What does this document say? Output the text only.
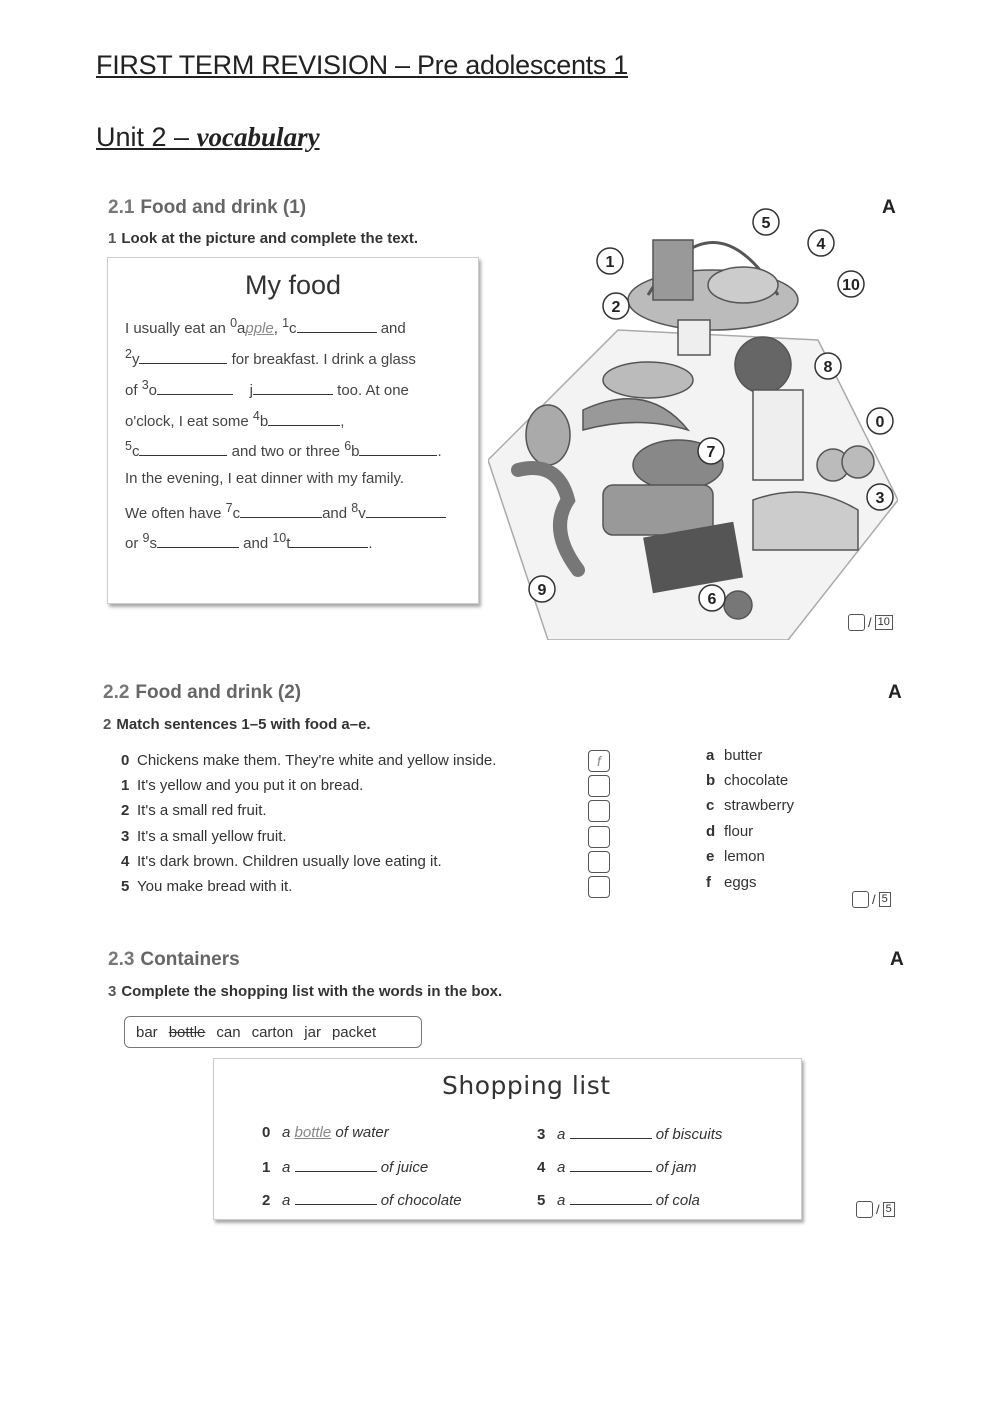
FIRST TERM REVISION – Pre adolescents 1
Unit 2 – vocabulary
2.1 Food and drink (1)	A
1 Look at the picture and complete the text.
My food
I usually eat an $^0$apple, $^1$c	and
$^2$y	for breakfast. I drink a glass
of $^3$o	j	too. At one
o'clock, I eat some $^4$b	,
$^5$c	and two or three $^6$b	.
In the evening, I eat dinner with my family.
We often have $^7$c	and $^8$v
or $^9$s	and $^{10}$t	.
1
2
5
4
10
8
0
7
3
9
6
/ 10
2.2 Food and drink (2)	A
2 Match sentences 1–5 with food a–e.
0 Chickens make them. They're white and yellow inside.
1 It's yellow and you put it on bread.
2 It's a small red fruit.
3 It's a small yellow fruit.
4 It's dark brown. Children usually love eating it.
5 You make bread with it.
f	a butter
b chocolate
c strawberry
d flour
e lemon
f eggs
/ 5
2.3 Containers	A
3 Complete the shopping list with the words in the box.
bar bottle can carton jar packet
Shopping list
0 a bottle of water
1 a	of juice
2 a	of chocolate
3 a	of biscuits
4 a	of jam
5 a	of cola
/ 5
